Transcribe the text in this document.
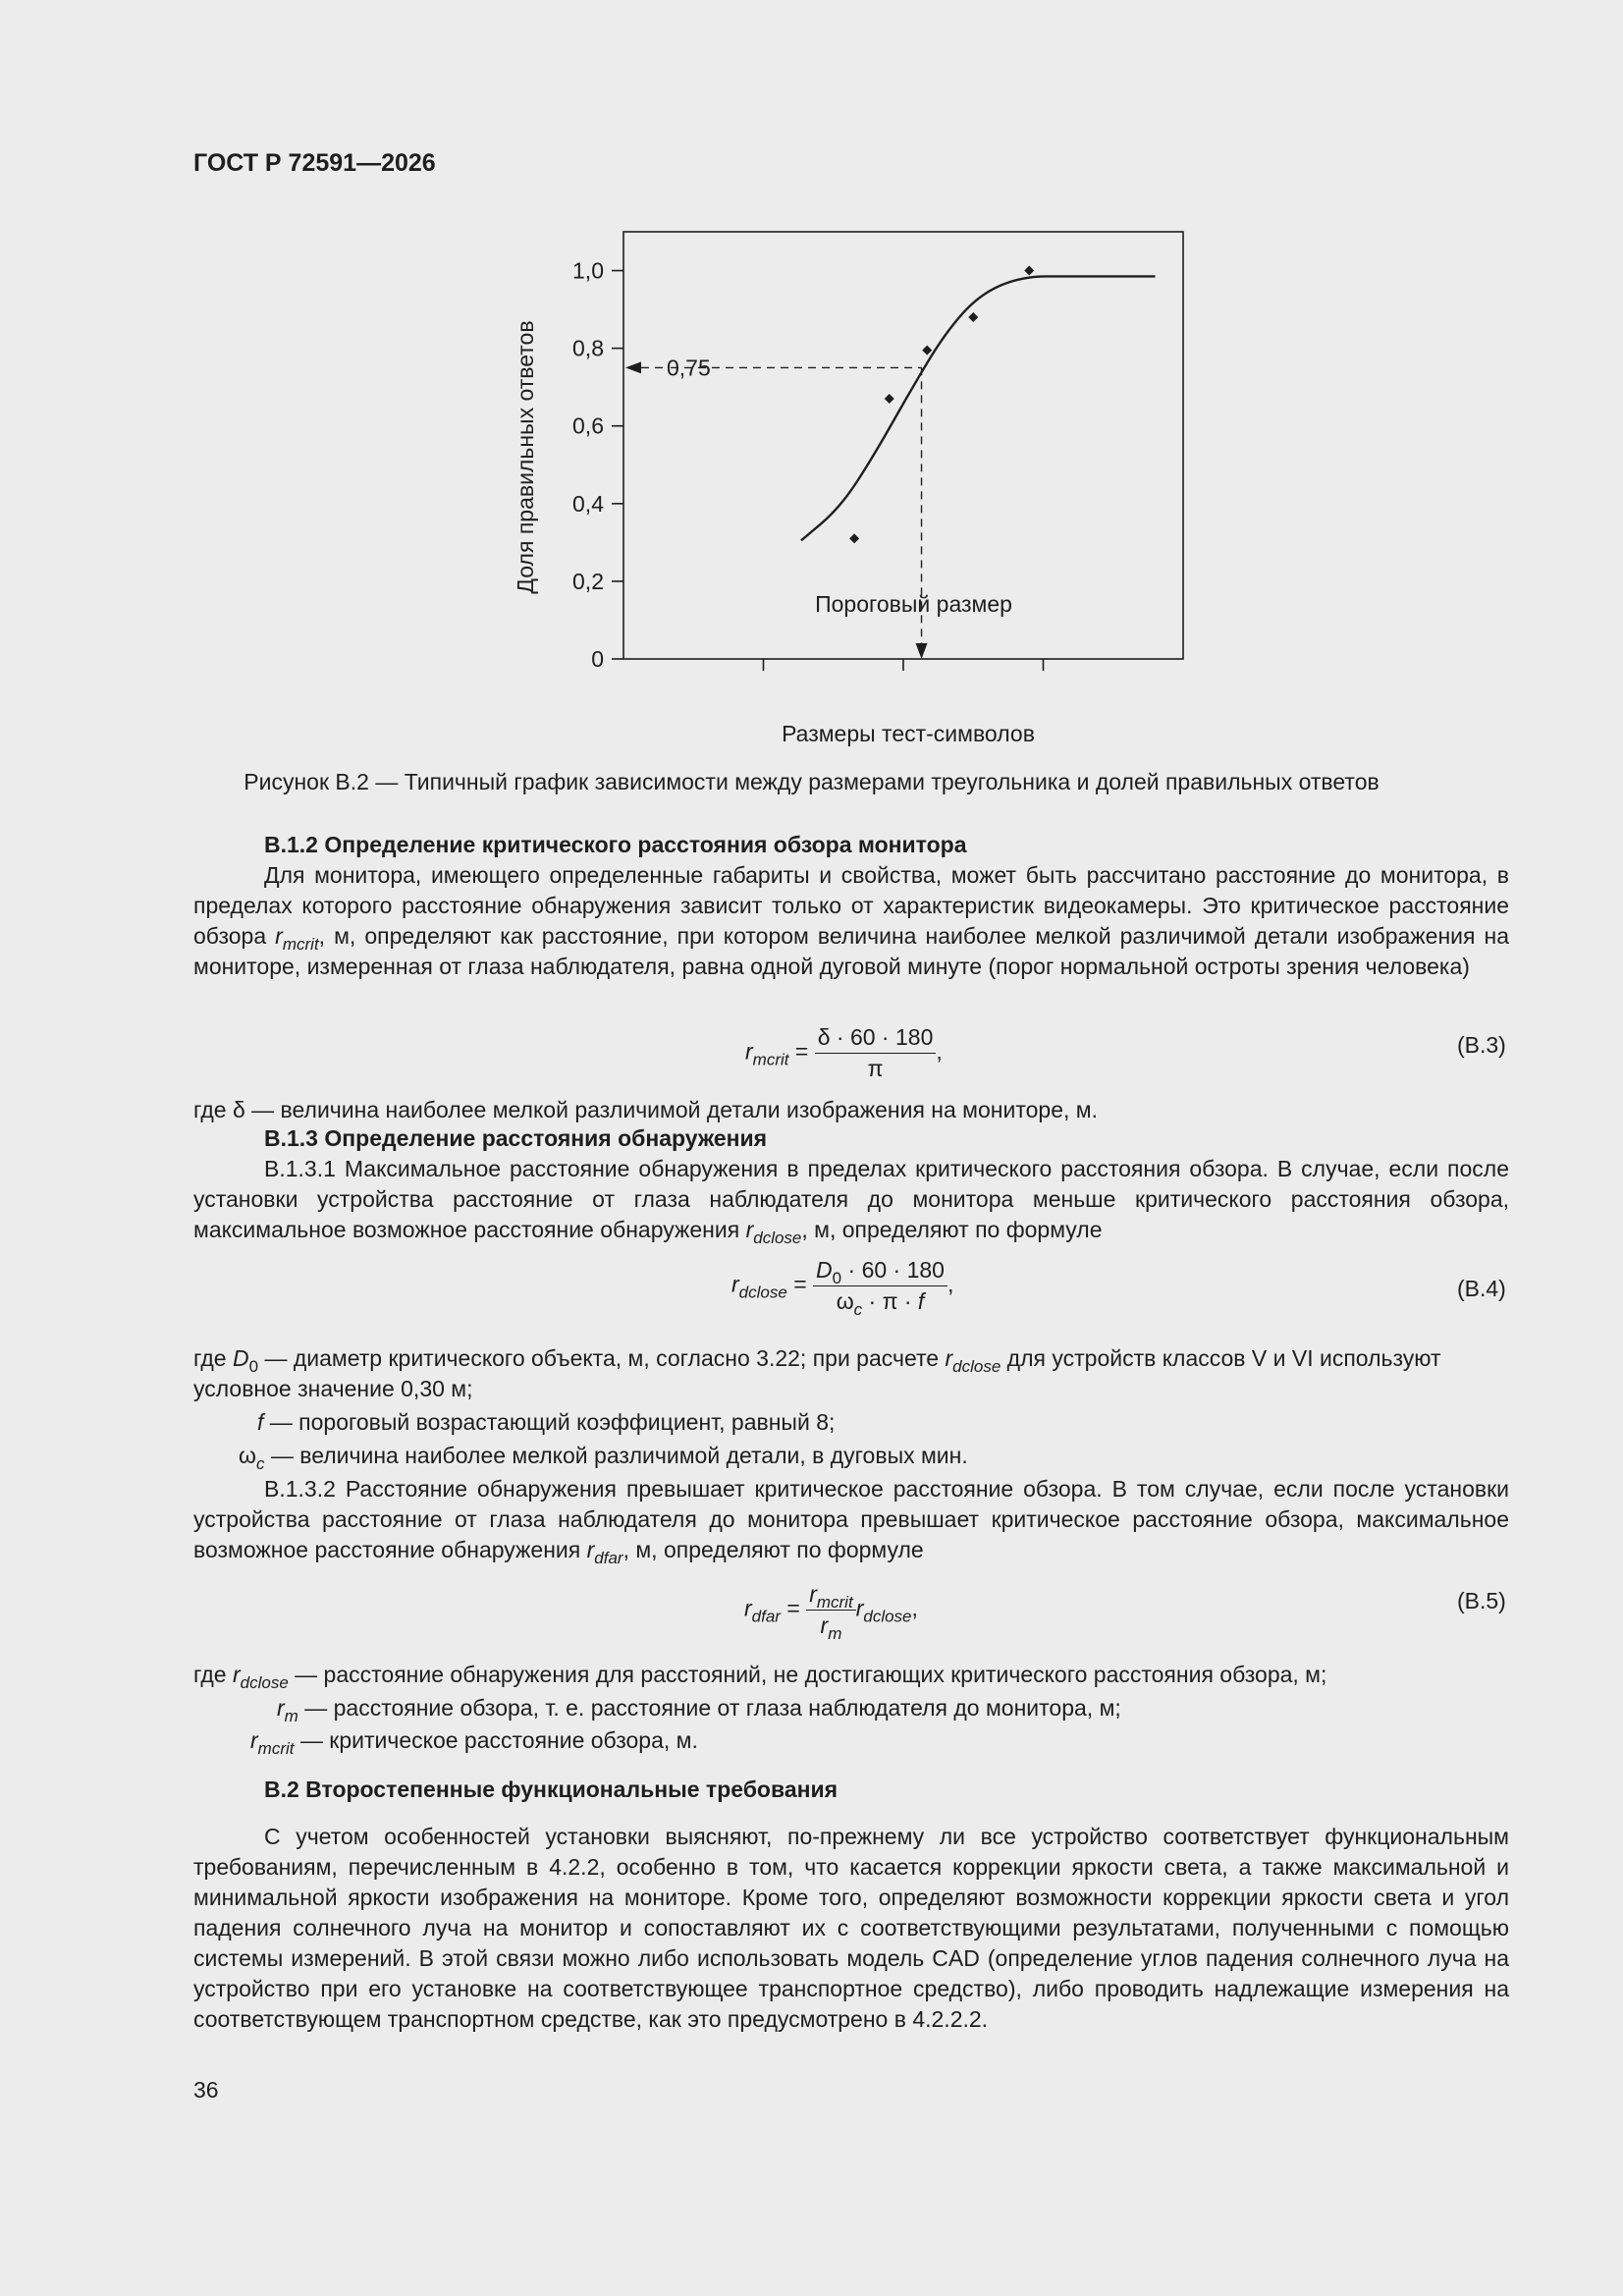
ГОСТ Р 72591—2026
0
0,2
0,4
0,6
0,8
1,0
0,75
Пороговый размер
Доля правильных ответов
Размеры тест-символов
Рисунок В.2 — Типичный график зависимости между размерами треугольника и долей правильных ответов
В.1.2 Определение критического расстояния обзора монитора
Для монитора, имеющего определенные габариты и свойства, может быть рассчитано расстояние до монитора, в пределах которого расстояние обнаружения зависит только от характеристик видеокамеры. Это критическое расстояние обзора $r_{mcrit}$, м, определяют как расстояние, при котором величина наиболее мелкой различимой детали изображения на мониторе, измеренная от глаза наблюдателя, равна одной дуговой минуте (порог нормальной остроты зрения человека)
$r_{mcrit} = \frac{\delta \cdot 60 \cdot 180}{\pi}$ ,	(В.3)
где δ — величина наиболее мелкой различимой детали изображения на мониторе, м.
В.1.3 Определение расстояния обнаружения
В.1.3.1 Максимальное расстояние обнаружения в пределах критического расстояния обзора. В случае, если после установки устройства расстояние от глаза наблюдателя до монитора меньше критического расстояния обзора, максимальное возможное расстояние обнаружения $r_{dclose}$, м, определяют по формуле
$r_{dclose} = \frac{D_0 \cdot 60 \cdot 180}{\omega_c \cdot \pi \cdot f}$ ,	(В.4)
где $D_0$ — диаметр критического объекта, м, согласно 3.22; при расчете $r_{dclose}$ для устройств классов V и VI используют условное значение 0,30 м;
f — пороговый возрастающий коэффициент, равный 8;
$\omega_c$ — величина наиболее мелкой различимой детали, в дуговых мин.
В.1.3.2 Расстояние обнаружения превышает критическое расстояние обзора. В том случае, если после установки устройства расстояние от глаза наблюдателя до монитора превышает критическое расстояние обзора, максимальное возможное расстояние обнаружения $r_{dfar}$, м, определяют по формуле
$r_{dfar} = \frac{r_{mcrit}}{r_m} r_{dclose}$,	(В.5)
где $r_{dclose}$ — расстояние обнаружения для расстояний, не достигающих критического расстояния обзора, м;
$r_m$ — расстояние обзора, т. е. расстояние от глаза наблюдателя до монитора, м;
$r_{mcrit}$ — критическое расстояние обзора, м.
В.2 Второстепенные функциональные требования
С учетом особенностей установки выясняют, по-прежнему ли все устройство соответствует функциональным требованиям, перечисленным в 4.2.2, особенно в том, что касается коррекции яркости света, а также максимальной и минимальной яркости изображения на мониторе. Кроме того, определяют возможности коррекции яркости света и угол падения солнечного луча на монитор и сопоставляют их с соответствующими результатами, полученными с помощью системы измерений. В этой связи можно либо использовать модель CAD (определение углов падения солнечного луча на устройство при его установке на соответствующее транспортное средство), либо проводить надлежащие измерения на соответствующем транспортном средстве, как это предусмотрено в 4.2.2.2.
36
